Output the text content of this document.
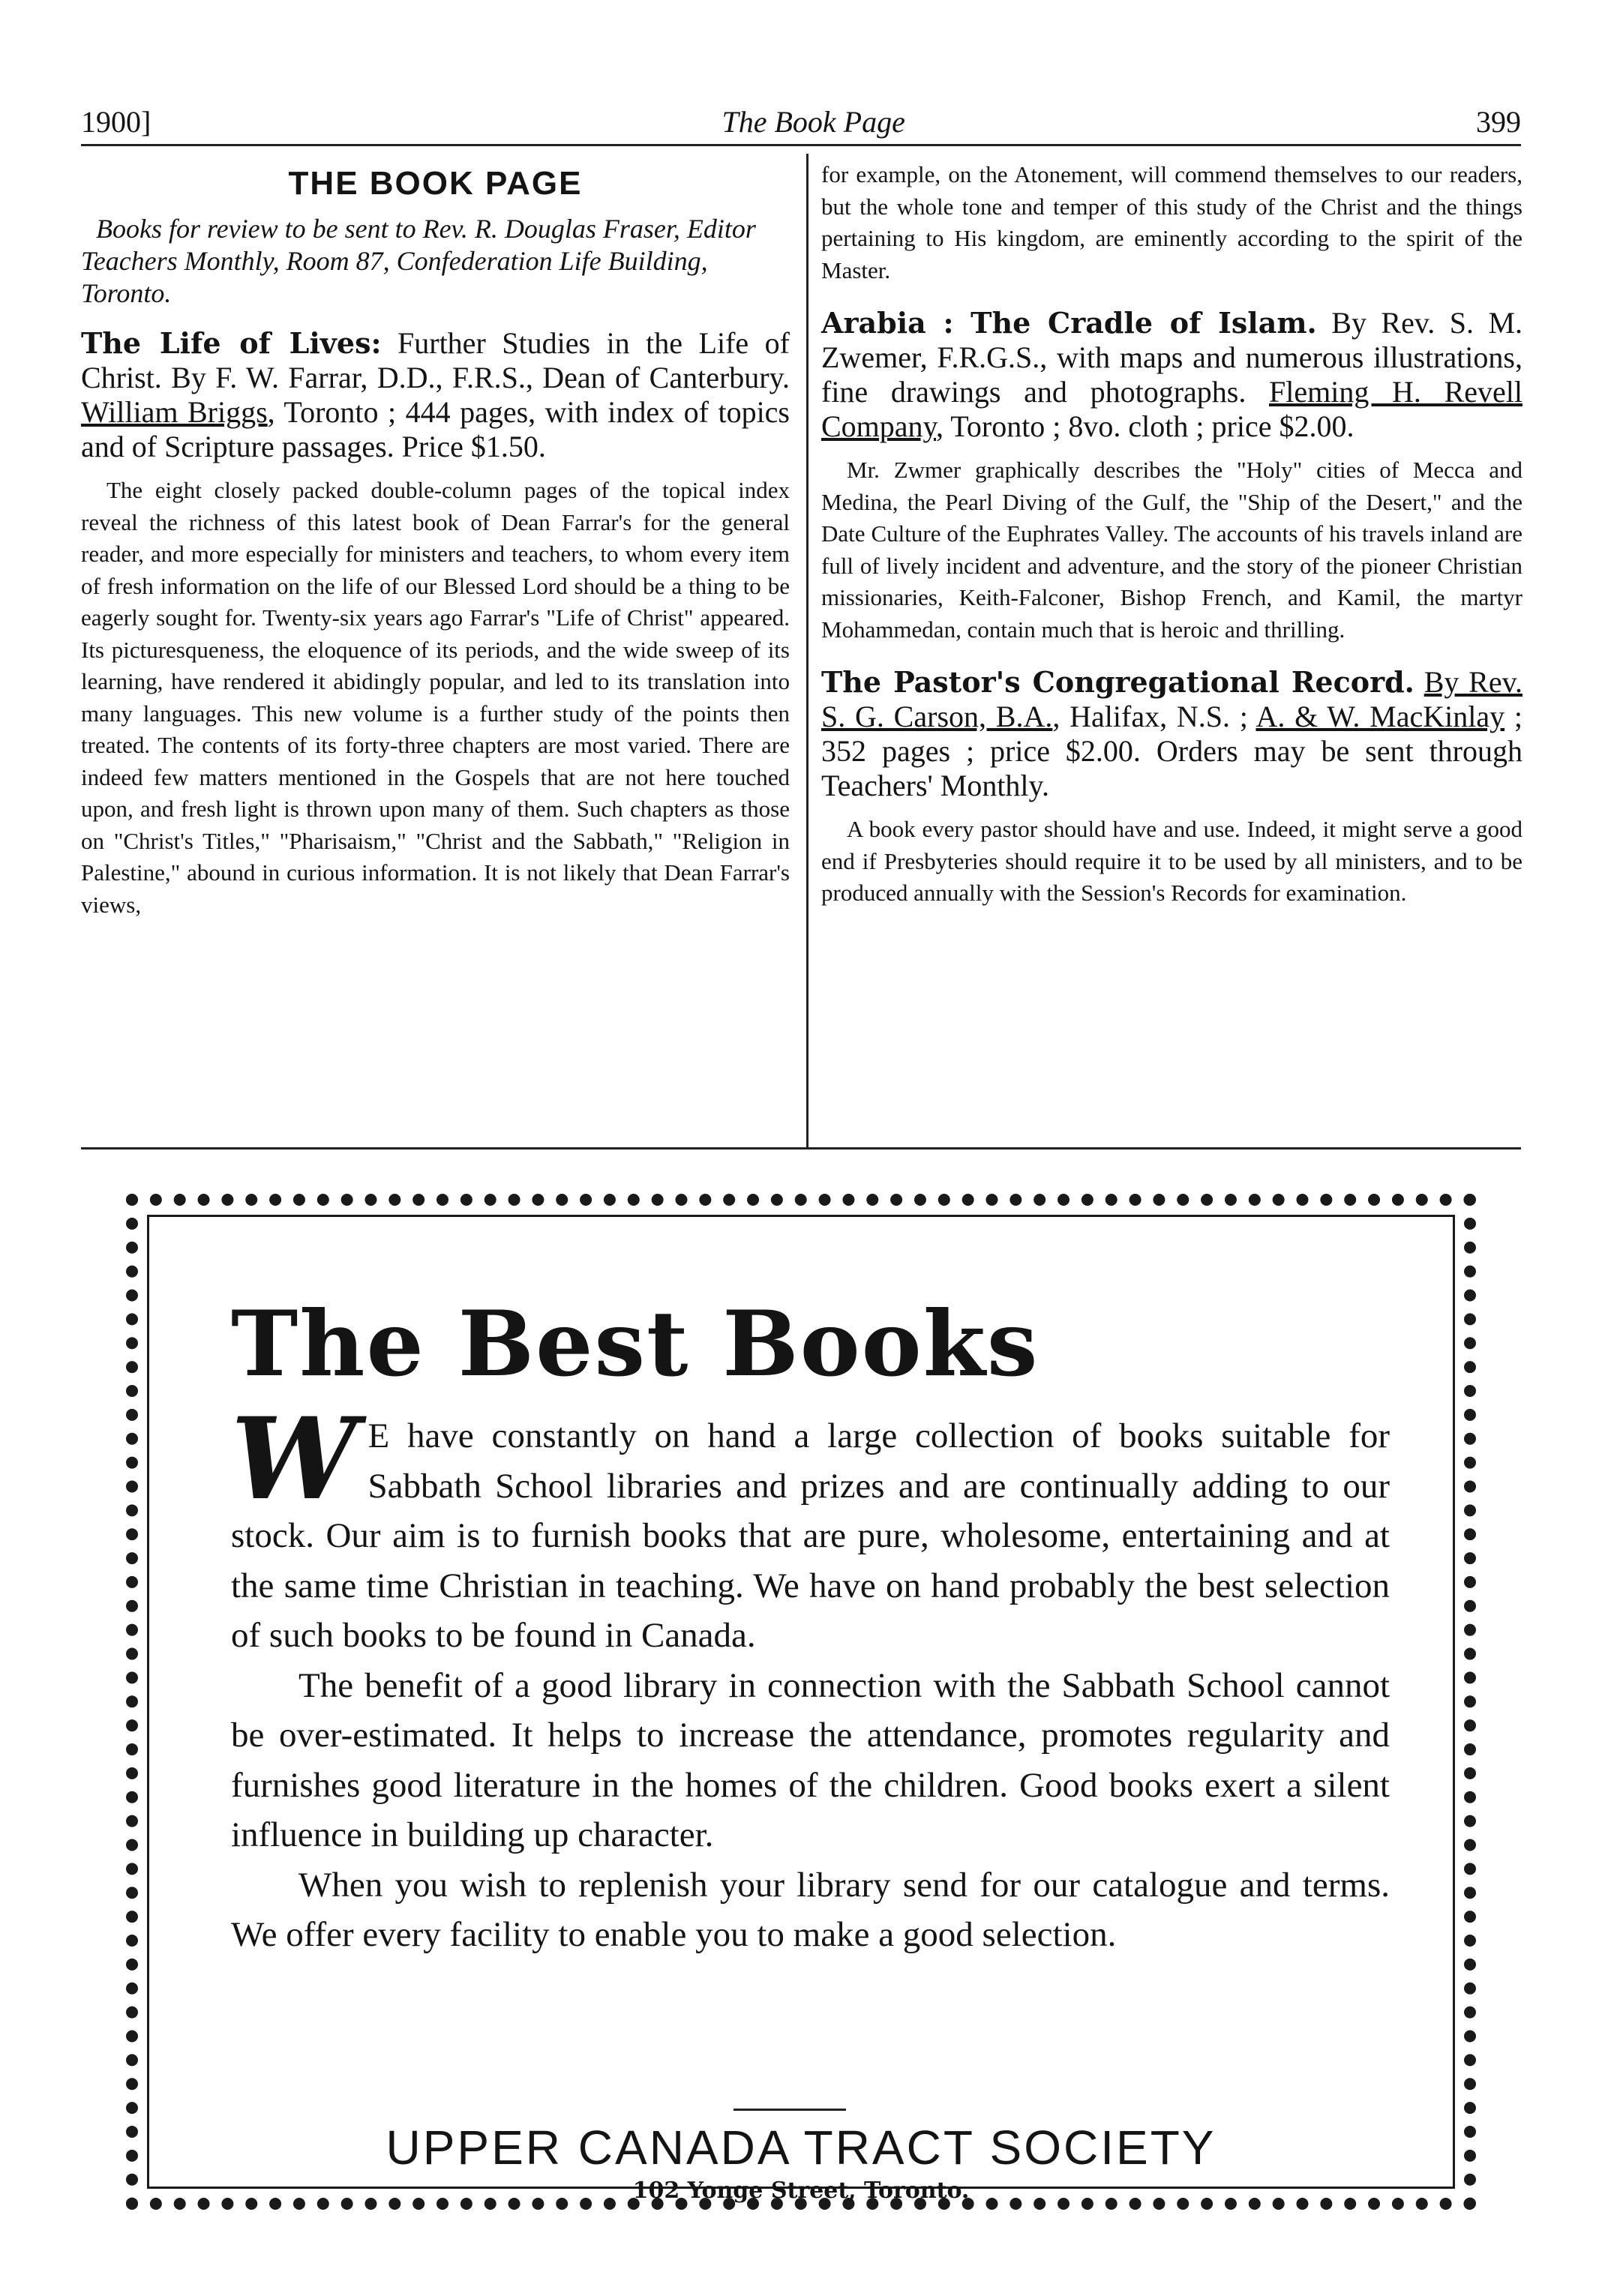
1900]	The Book Page	399
THE BOOK PAGE

Books for review to be sent to Rev. R. Douglas Fraser, Editor Teachers Monthly, Room 87, Confederation Life Building, Toronto.

The Life of Lives: Further Studies in the Life of Christ. By F. W. Farrar, D.D., F.R.S., Dean of Canterbury. William Briggs, Toronto ; 444 pages, with index of topics and of Scripture passages. Price $1.50.

The eight closely packed double-column pages of the topical index reveal the richness of this latest book of Dean Farrar's for the general reader, and more especially for ministers and teachers, to whom every item of fresh information on the life of our Blessed Lord should be a thing to be eagerly sought for. Twenty-six years ago Farrar's "Life of Christ" appeared. Its picturesqueness, the eloquence of its periods, and the wide sweep of its learning, have rendered it abidingly popular, and led to its translation into many languages. This new volume is a further study of the points then treated. The contents of its forty-three chapters are most varied. There are indeed few matters mentioned in the Gospels that are not here touched upon, and fresh light is thrown upon many of them. Such chapters as those on "Christ's Titles," "Pharisaism," "Christ and the Sabbath," "Religion in Palestine," abound in curious information. It is not likely that Dean Farrar's views,

for example, on the Atonement, will commend themselves to our readers, but the whole tone and temper of this study of the Christ and the things pertaining to His kingdom, are eminently according to the spirit of the Master.

Arabia : The Cradle of Islam. By Rev. S. M. Zwemer, F.R.G.S., with maps and numerous illustrations, fine drawings and photographs. Fleming H. Revell Company, Toronto ; 8vo. cloth ; price $2.00.

Mr. Zwmer graphically describes the "Holy" cities of Mecca and Medina, the Pearl Diving of the Gulf, the "Ship of the Desert," and the Date Culture of the Euphrates Valley. The accounts of his travels inland are full of lively incident and adventure, and the story of the pioneer Christian missionaries, Keith-Falconer, Bishop French, and Kamil, the martyr Mohammedan, contain much that is heroic and thrilling.

The Pastor's Congregational Record. By Rev. S. G. Carson, B.A., Halifax, N.S. ; A. & W. MacKinlay ; 352 pages ; price $2.00. Orders may be sent through Teachers' Monthly.

A book every pastor should have and use. Indeed, it might serve a good end if Presbyteries should require it to be used by all ministers, and to be produced annually with the Session's Records for examination.

The Best Books

W E have constantly on hand a large collection of books suitable for Sabbath School libraries and prizes and are continually adding to our stock. Our aim is to furnish books that are pure, wholesome, entertaining and at the same time Christian in teaching. We have on hand probably the best selection of such books to be found in Canada.

The benefit of a good library in connection with the Sabbath School cannot be over-estimated. It helps to increase the attendance, promotes regularity and furnishes good literature in the homes of the children. Good books exert a silent influence in building up character.

When you wish to replenish your library send for our catalogue and terms. We offer every facility to enable you to make a good selection.

UPPER CANADA TRACT SOCIETY
102 Yonge Street, Toronto.
